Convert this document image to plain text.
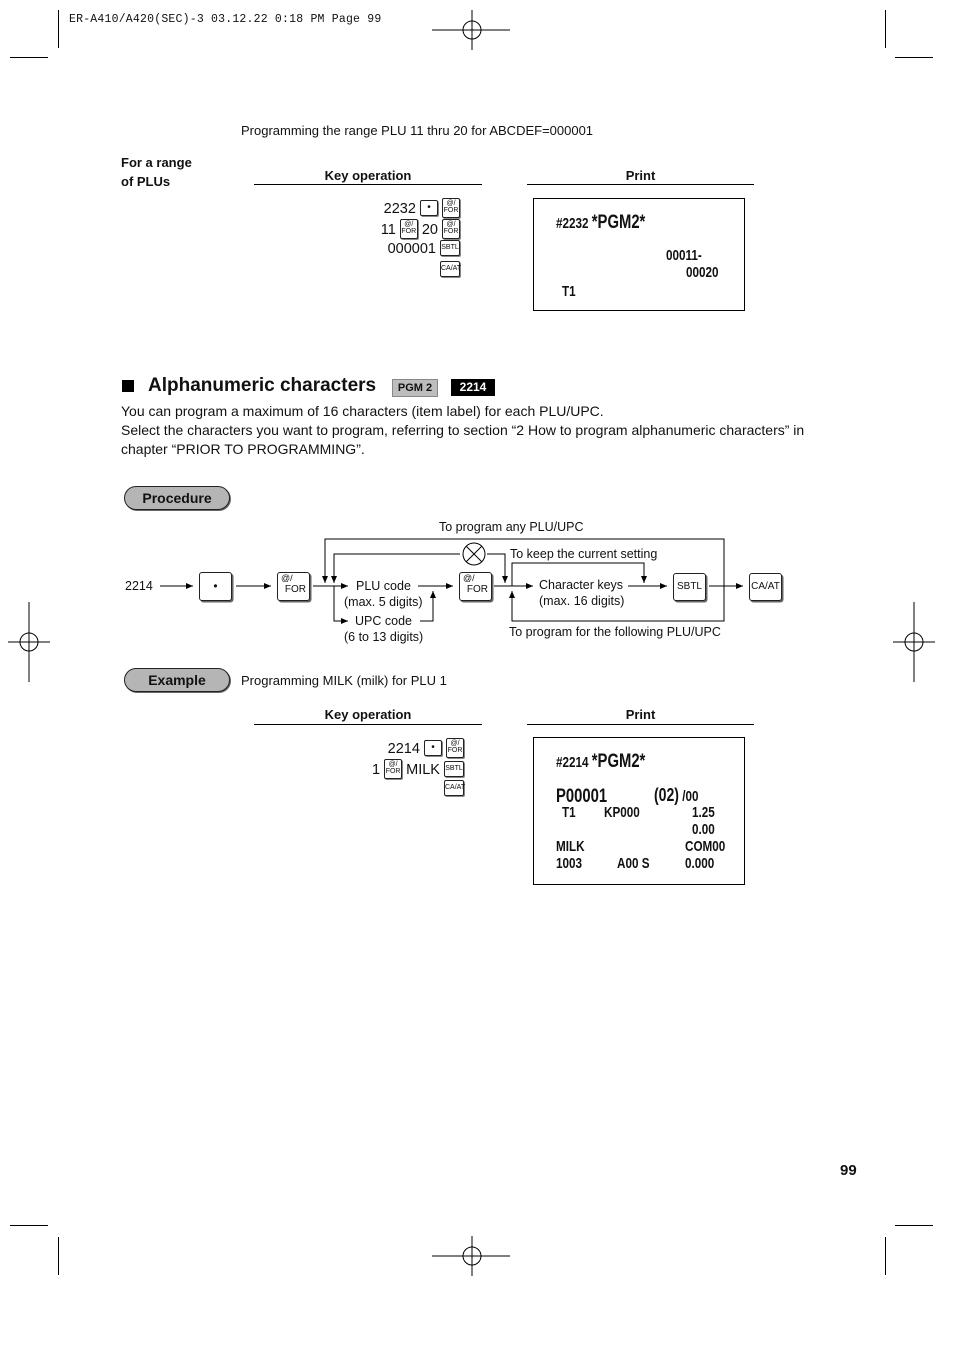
ER-A410/A420(SEC)-3 03.12.22 0:18 PM Page 99
Programming the range PLU 11 thru 20 for ABCDEF=000001
For a range
of PLUs	Key operation	Print
2232 • @/
FOR
11 @/
FOR 20 @/
FOR
000001 SBTL
CA/AT
#2232 *PGM2*
00011-
00020
T1
Alphanumeric characters	PGM 2	2214
You can program a maximum of 16 characters (item label) for each PLU/UPC.
Select the characters you want to program, referring to section “2 How to program alphanumeric characters” in
chapter “PRIOR TO PROGRAMMING”.
Procedure
2214	•
@/
FOR	PLU code
(max. 5 digits)
UPC code
(6 to 13 digits)
@/
FOR	Character keys
(max. 16 digits)
SBTL	CA/AT
To program any PLU/UPC
To keep the current setting
To program for the following PLU/UPC
Example	Programming MILK (milk) for PLU 1
Key operation	Print
2214 • @/
FOR
1 @/
FOR MILK SBTL
CA/AT
#2214 *PGM2*
P00001	(02) /00
T1 KP000	1.25
0.00
MILK	COM00
1003 A00 S 0.000
99
